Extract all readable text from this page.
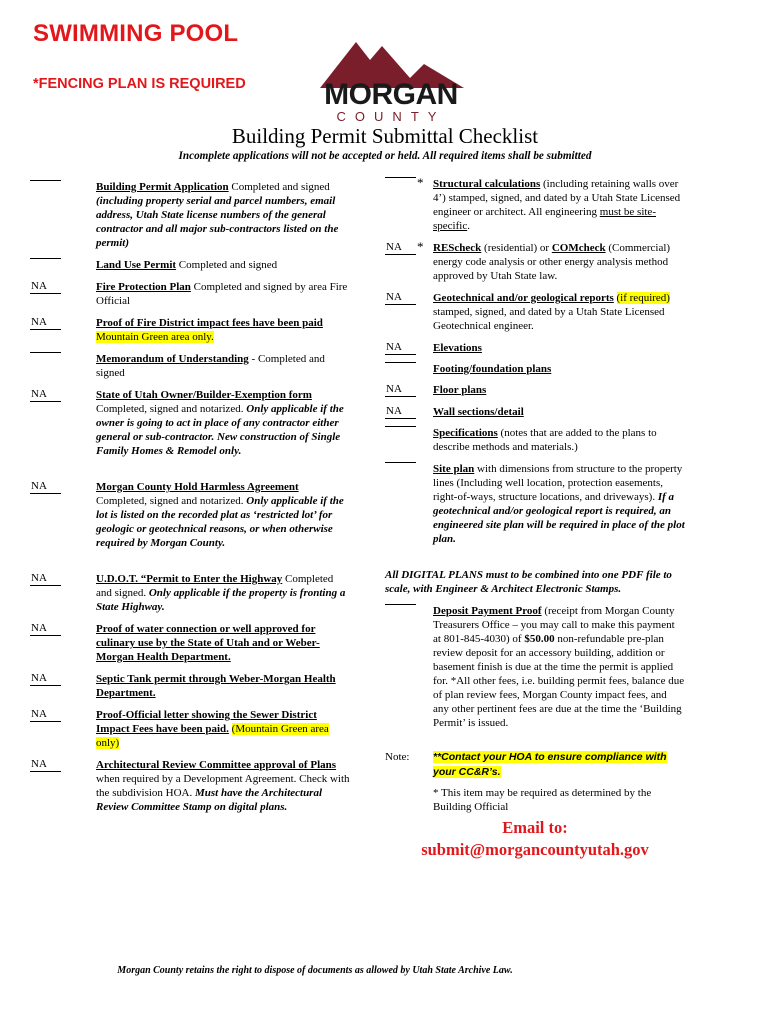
SWIMMING POOL
*FENCING PLAN IS REQUIRED	MORGAN
COUNTY
Building Permit Submittal Checklist
Incomplete applications will not be accepted or held. All required items shall be submitted
Building Permit Application Completed and signed (including property serial and parcel numbers, email address, Utah State license numbers of the general contractor and all major sub-contractors listed on the permit)
Land Use Permit Completed and signed
NA	Fire Protection Plan Completed and signed by area Fire Official
NA	Proof of Fire District impact fees have been paid Mountain Green area only.
Memorandum of Understanding - Completed and signed
NA	State of Utah Owner/Builder-Exemption form Completed, signed and notarized. Only applicable if the owner is going to act in place of any contractor either general or sub-contractor. New construction of Single Family Homes & Remodel only.
NA	Morgan County Hold Harmless Agreement Completed, signed and notarized. Only applicable if the lot is listed on the recorded plat as ‘restricted lot’ for geologic or geotechnical reasons, or when otherwise required by Morgan County.
NA	U.D.O.T. “Permit to Enter the Highway Completed and signed. Only applicable if the property is fronting a State Highway.
NA	Proof of water connection or well approved for culinary use by the State of Utah and or Weber-Morgan Health Department.
NA	Septic Tank permit through Weber-Morgan Health Department.
NA	Proof-Official letter showing the Sewer District Impact Fees have been paid. (Mountain Green area only)
NA	Architectural Review Committee approval of Plans when required by a Development Agreement. Check with the subdivision HOA. Must have the Architectural Review Committee Stamp on digital plans.
* Structural calculations (including retaining walls over 4’) stamped, signed, and dated by a Utah State Licensed engineer or architect. All engineering must be site-specific.
NA	* REScheck (residential) or COMcheck (Commercial) energy code analysis or other energy analysis method approved by Utah State law.
NA	Geotechnical and/or geological reports (if required) stamped, signed, and dated by a Utah State Licensed Geotechnical engineer.
NA	Elevations
Footing/foundation plans
NA	Floor plans
NA	Wall sections/detail
Specifications (notes that are added to the plans to describe methods and materials.)
Site plan with dimensions from structure to the property lines (Including well location, protection easements, right-of-ways, structure locations, and driveways). If a geotechnical and/or geological report is required, an engineered site plan will be required in place of the plot plan.
All DIGITAL PLANS must to be combined into one PDF file to scale, with Engineer & Architect Electronic Stamps.
Deposit Payment Proof (receipt from Morgan County Treasurers Office – you may call to make this payment at 801-845-4030) of $50.00 non-refundable pre-plan review deposit for an accessory building, addition or basement finish is due at the time the permit is applied for. *All other fees, i.e. building permit fees, balance due of plan review fees, Morgan County impact fees, and any other pertinent fees are due at the time the ‘Building Permit’ is issued.
Note: **Contact your HOA to ensure compliance with your CC&R’s.
* This item may be required as determined by the Building Official
Email to:
submit@morgancountyutah.gov
Morgan County retains the right to dispose of documents as allowed by Utah State Archive Law.
